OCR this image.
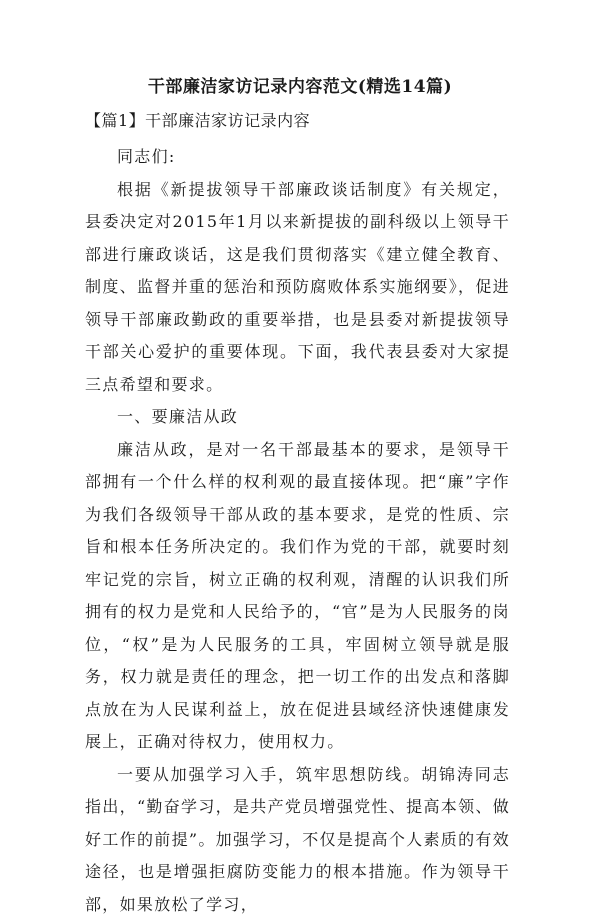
干部廉洁家访记录内容范文(精选14篇)
【篇1】干部廉洁家访记录内容

同志们:

根据《新提拔领导干部廉政谈话制度》有关规定，县委决定对2015年1月以来新提拔的副科级以上领导干部进行廉政谈话，这是我们贯彻落实《建立健全教育、制度、监督并重的惩治和预防腐败体系实施纲要》，促进领导干部廉政勤政的重要举措，也是县委对新提拔领导干部关心爱护的重要体现。下面，我代表县委对大家提三点希望和要求。

一、要廉洁从政

廉洁从政，是对一名干部最基本的要求，是领导干部拥有一个什么样的权利观的最直接体现。把“廉”字作为我们各级领导干部从政的基本要求，是党的性质、宗旨和根本任务所决定的。我们作为党的干部，就要时刻牢记党的宗旨，树立正确的权利观，清醒的认识我们所拥有的权力是党和人民给予的，“官”是为人民服务的岗位，“权”是为人民服务的工具，牢固树立领导就是服务，权力就是责任的理念，把一切工作的出发点和落脚点放在为人民谋利益上，放在促进县域经济快速健康发展上，正确对待权力，使用权力。

一要从加强学习入手，筑牢思想防线。胡锦涛同志指出，“勤奋学习，是共产党员增强党性、提高本领、做好工作的前提”。加强学习，不仅是提高个人素质的有效途径，也是增强拒腐防变能力的根本措施。作为领导干部，如果放松了学习，
